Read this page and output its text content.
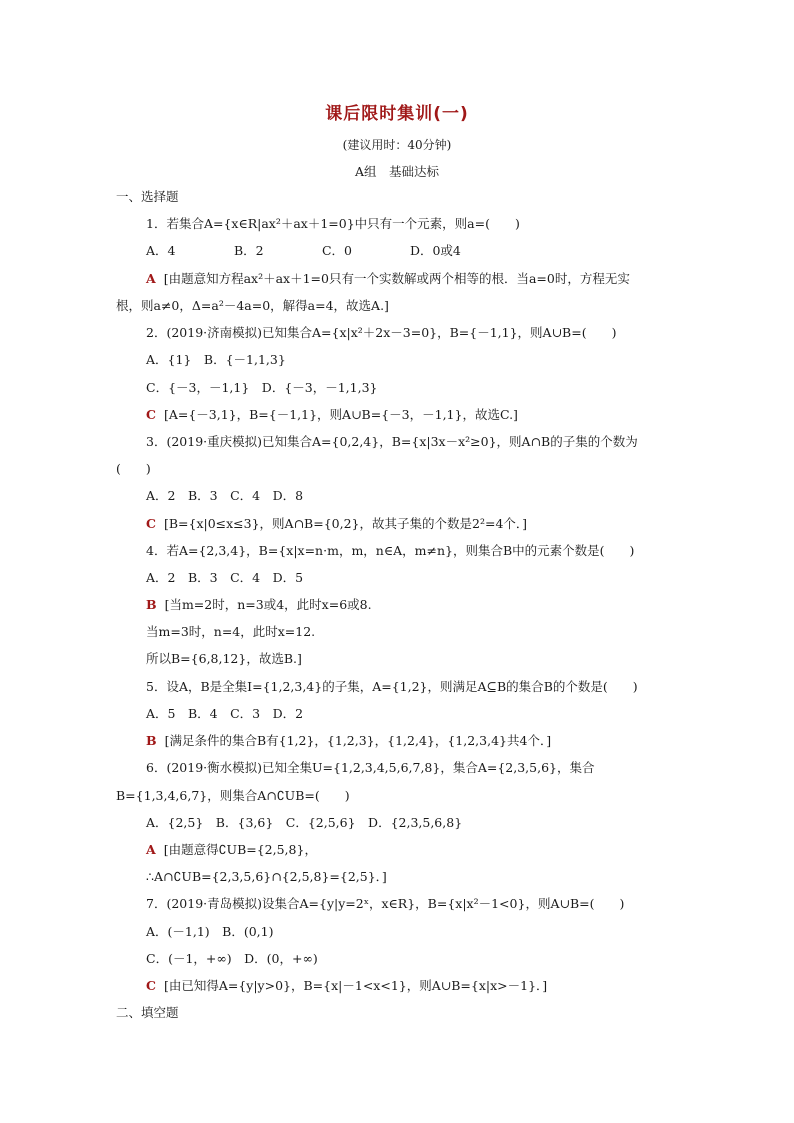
课后限时集训(一)
(建议用时：40分钟)
A组　基础达标
一、选择题
1．若集合A={x∈R|ax²＋ax＋1=0}中只有一个元素，则a=(　　)
A．4	B．2	C．0	D．0或4
A [由题意知方程ax²＋ax＋1=0只有一个实数解或两个相等的根．当a=0时，方程无实
根，则a≠0，Δ=a²－4a=0，解得a=4，故选A.]
2．(2019·济南模拟)已知集合A={x|x²＋2x－3=0}，B={－1,1}，则A∪B=(　　)
A．{1}　B．{－1,1,3}
C．{－3，－1,1}　D．{－3，－1,1,3}
C [A={－3,1}，B={－1,1}，则A∪B={－3，－1,1}，故选C.]
3．(2019·重庆模拟)已知集合A={0,2,4}，B={x|3x－x²≥0}，则A∩B的子集的个数为
(　　)
A．2　B．3　C．4　D．8
C [B={x|0≤x≤3}，则A∩B={0,2}，故其子集的个数是2²=4个．]
4．若A={2,3,4}，B={x|x=n·m，m，n∈A，m≠n}，则集合B中的元素个数是(　　)
A．2　B．3　C．4　D．5
B [当m=2时，n=3或4，此时x=6或8.
当m=3时，n=4，此时x=12.
所以B={6,8,12}，故选B.]
5．设A，B是全集I={1,2,3,4}的子集，A={1,2}，则满足A⊆B的集合B的个数是(　　)
A．5　B．4　C．3　D．2
B [满足条件的集合B有{1,2}，{1,2,3}，{1,2,4}，{1,2,3,4}共4个．]
6．(2019·衡水模拟)已知全集U={1,2,3,4,5,6,7,8}，集合A={2,3,5,6}，集合
B={1,3,4,6,7}，则集合A∩∁UB=(　　)
A．{2,5}　B．{3,6}　C．{2,5,6}　D．{2,3,5,6,8}
A [由题意得∁UB={2,5,8}，
∴A∩∁UB={2,3,5,6}∩{2,5,8}={2,5}．]
7．(2019·青岛模拟)设集合A={y|y=2ˣ，x∈R}，B={x|x²－1<0}，则A∪B=(　　)
A．(－1,1)　B．(0,1)
C．(－1，+∞)　D．(0，+∞)
C [由已知得A={y|y>0}，B={x|－1<x<1}，则A∪B={x|x>－1}．]
二、填空题
